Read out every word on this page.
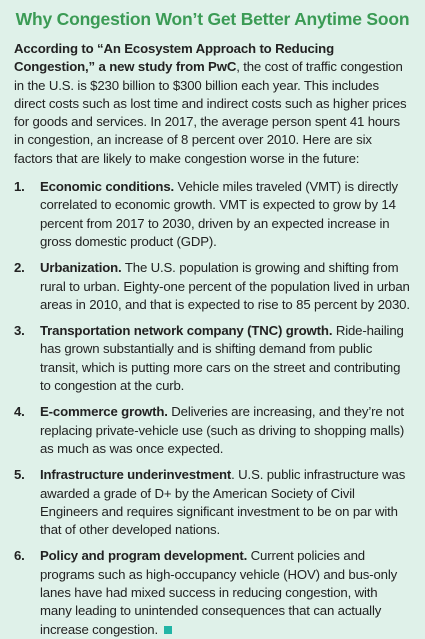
Why Congestion Won’t Get Better Anytime Soon

According to “An Ecosystem Approach to Reducing Congestion,” a new study from PwC, the cost of traffic congestion in the U.S. is $230 billion to $300 billion each year. This includes direct costs such as lost time and indirect costs such as higher prices for goods and services. In 2017, the average person spent 41 hours in congestion, an increase of 8 percent over 2010. Here are six factors that are likely to make congestion worse in the future:

1. Economic conditions. Vehicle miles traveled (VMT) is directly correlated to economic growth. VMT is expected to grow by 14 percent from 2017 to 2030, driven by an expected increase in gross domestic product (GDP).
2. Urbanization. The U.S. population is growing and shifting from rural to urban. Eighty-one percent of the population lived in urban areas in 2010, and that is expected to rise to 85 percent by 2030.
3. Transportation network company (TNC) growth. Ride-hailing has grown substantially and is shifting demand from public transit, which is putting more cars on the street and contributing to congestion at the curb.
4. E-commerce growth. Deliveries are increasing, and they’re not replacing private-vehicle use (such as driving to shopping malls) as much as was once expected.
5. Infrastructure underinvestment. U.S. public infrastructure was awarded a grade of D+ by the American Society of Civil Engineers and requires significant investment to be on par with that of other developed nations.
6. Policy and program development. Current policies and programs such as high-occupancy vehicle (HOV) and bus-only lanes have had mixed success in reducing congestion, with many leading to unintended consequences that can actually increase congestion.
